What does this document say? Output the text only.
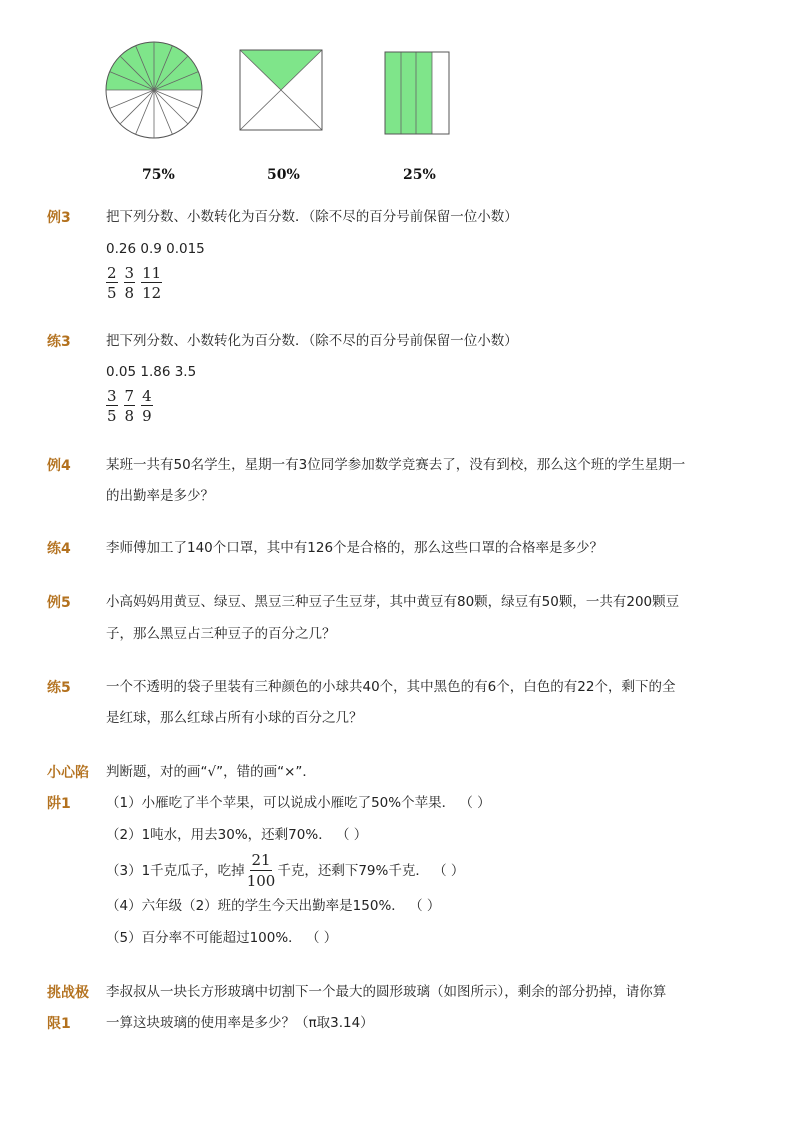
75%	50%	25%
例3	把下列分数、小数转化为百分数．（除不尽的百分号前保留一位小数）
0.26 0.9 0.015
$\frac{2}{5} \frac{3}{8} \frac{11}{12}$
练3	把下列分数、小数转化为百分数．（除不尽的百分号前保留一位小数）
0.05 1.86 3.5
$\frac{3}{5} \frac{7}{8} \frac{4}{9}$
例4	某班一共有50名学生，星期一有3位同学参加数学竞赛去了，没有到校，那么这个班的学生星期一
的出勤率是多少？
练4	李师傅加工了140个口罩，其中有126个是合格的，那么这些口罩的合格率是多少？
例5	小高妈妈用黄豆、绿豆、黑豆三种豆子生豆芽，其中黄豆有80颗，绿豆有50颗，一共有200颗豆
子，那么黑豆占三种豆子的百分之几？
练5	一个不透明的袋子里装有三种颜色的小球共40个，其中黑色的有6个，白色的有22个，剩下的全
是红球，那么红球占所有小球的百分之几？
小心陷
阱1
判断题，对的画“√”，错的画“×”．
（1）小雁吃了半个苹果，可以说成小雁吃了50%个苹果． （ ）
（2）1吨水，用去30%，还剩70%． （ ）
（3）1千克瓜子，吃掉 $\frac{21}{100}$ 千克，还剩下79%千克． （ ）
（4）六年级（2）班的学生今天出勤率是150%． （ ）
（5）百分率不可能超过100%． （ ）
挑战极
限1
李叔叔从一块长方形玻璃中切割下一个最大的圆形玻璃（如图所示），剩余的部分扔掉，请你算
一算这块玻璃的使用率是多少？（π取3.14）
